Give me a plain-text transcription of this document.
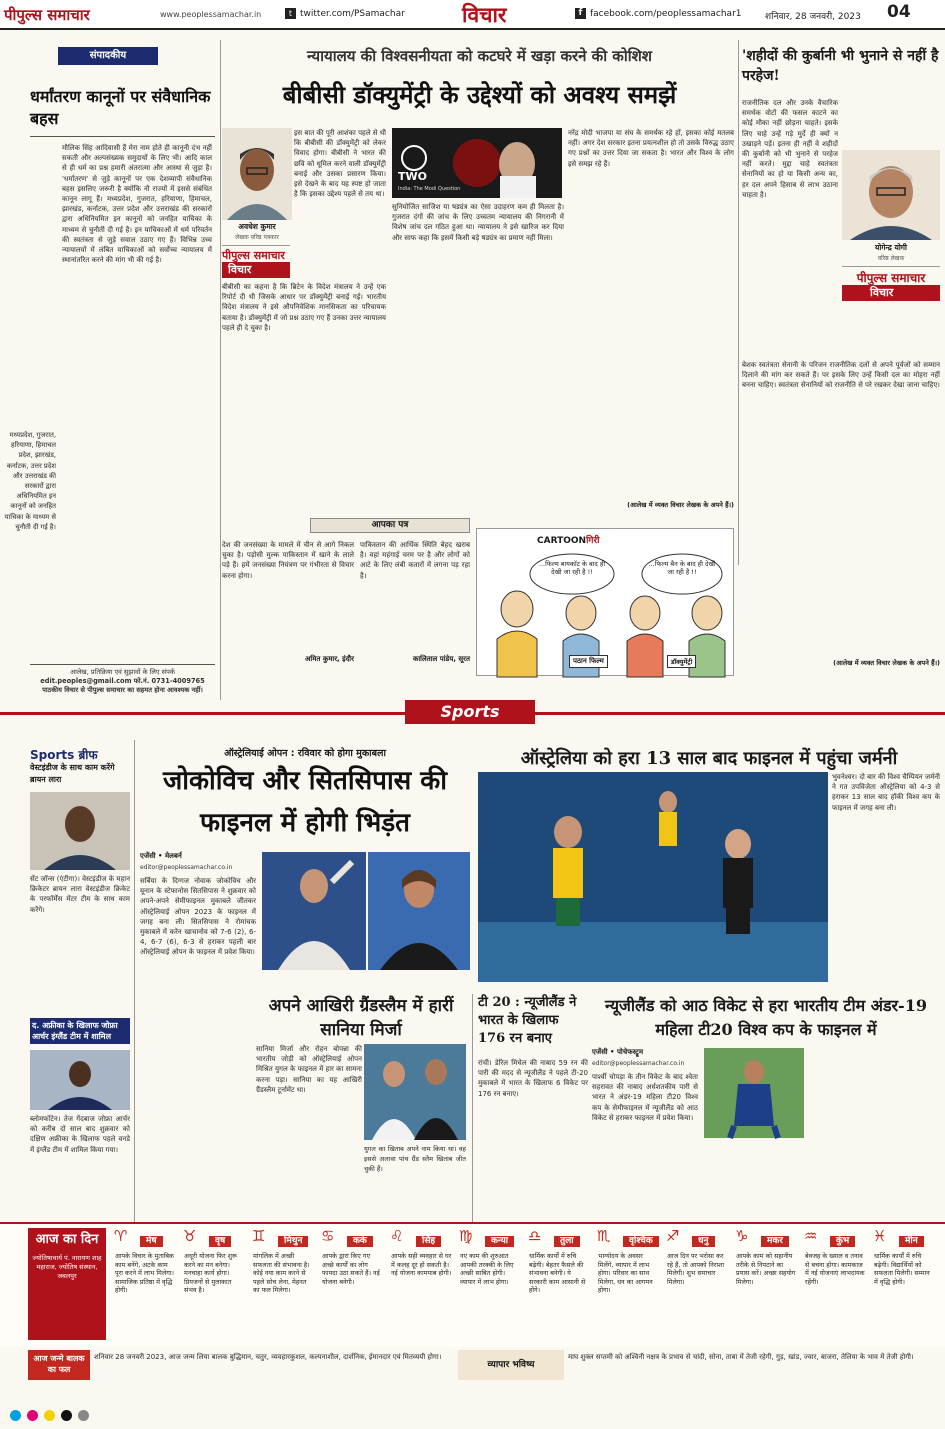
पीपुल्स समाचार	www.peoplessamachar.in	t twitter.com/PSamachar	विचार	f facebook.com/peoplessamachar1	शनिवार, 28 जनवरी, 2023 04
संपादकीय
धर्मांतरण कानूनों पर संवैधानिक बहस
मौलिक सिंह आदिवासी हैं मेरा नाम होते ही कानूनी दंभ नहीं सकती और अल्पसंख्यक समुदायों के लिए भी। आदि काल से ही धर्म का प्रश्न हमारी अंतरात्मा और आस्था से जुड़ा है। 'धर्मांतरण' से जुड़े कानूनों पर एक देशव्यापी संवैधानिक बहस इसलिए जरूरी है क्योंकि नौ राज्यों में इससे संबंधित कानून लागू हैं। मध्यप्रदेश, गुजरात, हरियाणा, हिमाचल, झारखंड, कर्नाटक, उत्तर प्रदेश और उत्तराखंड की सरकारों द्वारा अधिनियमित इन कानूनों को जनहित याचिका के माध्यम से चुनौती दी गई है। इन याचिकाओं में धर्म परिवर्तन की स्वतंत्रता से जुड़े सवाल उठाए गए हैं। विभिन्न उच्च न्यायालयों में लंबित याचिकाओं को सर्वोच्च न्यायालय में स्थानांतरित करने की मांग भी की गई है।
मध्यप्रदेश, गुजरात, हरियाणा, हिमाचल प्रदेश, झारखंड, कर्नाटक, उत्तर प्रदेश और उत्तराखंड की सरकारों द्वारा अधिनियमित इन कानूनों को जनहित याचिका के माध्यम से चुनौती दी गई है।
आलेख, प्रतिक्रिया एवं सुझावों के लिए संपर्क
edit.peoples@gmail.com फो.नं. 0731-4009765
पाठकीय विचार से पीपुल्स समाचार का सहमत होना आवश्यक नहीं।
न्यायालय की विश्वसनीयता को कटघरे में खड़ा करने की कोशिश
बीबीसी डॉक्युमेंट्री के उद्देश्यों को अवश्य समझें
अवधेश कुमार
लेखक वरिष्ठ पत्रकार
पीपुल्स समाचार
विचार
इस बात की पूरी आशंका पहले से थी कि बीबीसी की डॉक्युमेंट्री को लेकर विवाद होगा। बीबीसी ने भारत की छवि को धूमिल करने वाली डॉक्युमेंट्री बनाई और उसका प्रसारण किया। इसे देखने के बाद यह स्पष्ट हो जाता है कि इसका उद्देश्य पहले से तय था।
बीबीसी का कहना है कि ब्रिटेन के विदेश मंत्रालय ने उन्हें एक रिपोर्ट दी थी जिसके आधार पर डॉक्युमेंट्री बनाई गई। भारतीय विदेश मंत्रालय ने इसे औपनिवेशिक मानसिकता का परिचायक बताया है। डॉक्युमेंट्री में जो प्रश्न उठाए गए हैं उनका उत्तर न्यायालय पहले ही दे चुका है।
TWO
India: The Modi Question
सुनियोजित साजिश या षड्यंत्र का ऐसा उदाहरण कम ही मिलता है। गुजरात दंगों की जांच के लिए उच्चतम न्यायालय की निगरानी में विशेष जांच दल गठित हुआ था। न्यायालय ने इसे खारिज कर दिया और साफ कहा कि इसमें किसी बड़े षड्यंत्र का प्रमाण नहीं मिला।
नरेंद्र मोदी भाजपा या संघ के समर्थक रहे हों, इसका कोई मतलब नहीं। अगर देश सरकार इतना प्रयत्नशील हो तो उसके विरुद्ध उठाए गए प्रश्नों का उत्तर दिया जा सकता है। भारत और विश्व के लोग इसे समझ रहे हैं।
(आलेख में व्यक्त विचार लेखक के अपने हैं।)
'शहीदों की कुर्बानी भी भुनाने से नहीं है परहेज!
राजनीतिक दल और उनके वैचारिक समर्थक वोटों की फसल काटने का कोई मौका नहीं छोड़ना चाहते। इसके लिए चाहे उन्हें गड़े मुर्दे ही क्यों न उखाड़ने पड़ें। इतना ही नहीं वे शहीदों की कुर्बानी को भी भुनाने से परहेज नहीं करते। मुद्दा चाहे स्वतंत्रता सेनानियों का हो या किसी अन्य का, हर दल अपने हिसाब से लाभ उठाना चाहता है।
योगेन्द्र योगी
वरिष्ठ लेखक
पीपुल्स समाचार
विचार
बेशक स्वतंत्रता सेनानी के परिजन राजनीतिक दलों से अपने पूर्वजों को सम्मान दिलाने की मांग कर सकते हैं। पर इसके लिए उन्हें किसी दल का मोहरा नहीं बनना चाहिए। स्वतंत्रता सेनानियों को राजनीति से परे रखकर देखा जाना चाहिए।
(आलेख में व्यक्त विचार लेखक के अपने हैं।)
आपका पत्र
देश की जनसंख्या के मामले में चीन से आगे निकल चुका है। पड़ोसी मुल्क पाकिस्तान में खाने के लाले पड़े हैं। हमें जनसंख्या नियंत्रण पर गंभीरता से विचार करना होगा।
अमित कुमार, इंदौर
पाकिस्तान की आर्थिक स्थिति बेहद खराब है। वहां महंगाई चरम पर है और लोगों को आटे के लिए लंबी कतारों में लगना पड़ रहा है।
कालिताल पांडेय, सूरत
CARTOONगिरी
...फिल्म बायकॉट के बाद ही देखी जा रही है !!
...फिल्म बैन के बाद ही देखी जा रही है !!
पठान फिल्म	डॉक्युमेंट्री
Sports
Sports ब्रीफ
वेस्टइंडीज के साथ काम करेंगे ब्रायन लारा
सेंट जॉन्स (एंटीगा)। वेस्टइंडीज के महान क्रिकेटर ब्रायन लारा वेस्टइंडीज क्रिकेट के परफॉर्मेंस मेंटर टीम के साथ काम करेंगे।
द. अफ्रीका के खिलाफ जोफ्रा आर्चर इंग्लैंड टीम में शामिल
ब्लोमफोंटेन। तेज गेंदबाज जोफ्रा आर्चर को करीब दो साल बाद शुक्रवार को दक्षिण अफ्रीका के खिलाफ पहले वनडे में इंग्लैंड टीम में शामिल किया गया।
ऑस्ट्रेलियाई ओपन : रविवार को होगा मुकाबला
जोकोविच और सितसिपास की फाइनल में होगी भिड़ंत
एजेंसी • मेलबर्न
editor@peoplessamachar.co.in
सर्बिया के दिग्गज नोवाक जोकोविच और यूनान के स्टेफानोस सितसिपास ने शुक्रवार को अपने-अपने सेमीफाइनल मुकाबले जीतकर ऑस्ट्रेलियाई ओपन 2023 के फाइनल में जगह बना ली। सितसिपास ने रोमांचक मुकाबले में करेन खाचानोव को 7-6 (2), 6-4, 6-7 (6), 6-3 से हराकर पहली बार ऑस्ट्रेलियाई ओपन के फाइनल में प्रवेश किया।
ऑस्ट्रेलिया को हरा 13 साल बाद फाइनल में पहुंचा जर्मनी
भुवनेश्वर। दो बार की विश्व चैम्पियन जर्मनी ने गत उपविजेता ऑस्ट्रेलिया को 4-3 से हराकर 13 साल बाद हॉकी विश्व कप के फाइनल में जगह बना ली।
अपने आखिरी ग्रैंडस्लैम में हारीं सानिया मिर्जा
सानिया मिर्जा और रोहन बोपन्ना की भारतीय जोड़ी को ऑस्ट्रेलियाई ओपन मिश्रित युगल के फाइनल में हार का सामना करना पड़ा। सानिया का यह आखिरी ग्रैंडस्लैम टूर्नामेंट था।
युगल का खिताब अपने नाम किया था। वह इससे अलावा पांच ग्रैंड स्लैम खिताब जीत चुकी हैं।
टी 20 : न्यूजीलैंड ने भारत के खिलाफ 176 रन बनाए
रांची। डेरिल मिचेल की नाबाद 59 रन की पारी की मदद से न्यूजीलैंड ने पहले टी-20 मुकाबले में भारत के खिलाफ 6 विकेट पर 176 रन बनाए।
न्यूजीलैंड को आठ विकेट से हरा भारतीय टीम अंडर-19 महिला टी20 विश्व कप के फाइनल में
एजेंसी • पोचेफस्ट्रूम
editor@peoplessamachar.co.in
पार्श्वी चोपड़ा के तीन विकेट के बाद श्वेता सहरावत की नाबाद अर्धशतकीय पारी से भारत ने अंडर-19 महिला टी20 विश्व कप के सेमीफाइनल में न्यूजीलैंड को आठ विकेट से हराकर फाइनल में प्रवेश किया।
आज का दिन
ज्योतिषाचार्य पं. नारायण शाह महाराज, ज्योतिष संस्थान, जबलपुर
♈	मेष
आपके विचार के मुताबिक काम बनेंगे, अटके काम पूरा करने में लाभ मिलेगा। सामाजिक प्रतिष्ठा में वृद्धि होगी।
♉	वृष
अधूरी योजना फिर शुरू करने का मन बनेगा। मनचाहा कार्य होगा। प्रियजनों से मुलाकात संभव है।
♊	मिथुन
मांगलिक में अच्छी सफलता की संभावना है। कोई नया काम करने से पहले सोच लेना, मेहनत का फल मिलेगा।
♋	कर्क
आपके द्वारा किए गए अच्छे कार्यों का लोग फायदा उठा सकते हैं। नई योजना बनेगी।
♌	सिंह
आपके सही व्यवहार से घर में कलह दूर हो सकती है। नई योजना कामयाब होगी।
♍	कन्या
नए काम की शुरुआत आपकी तरक्की के लिए अच्छी साबित होगी। व्यापार में लाभ होगा।
♎	तुला
धार्मिक कार्यों में रुचि बढ़ेगी। बेहतर फैसले की संभावना बनेगी। ये सरकारी काम आसानी से होंगे।
♏	वृश्चिक
भाग्योदय के अवसर मिलेंगे, व्यापार में लाभ होगा। परिवार का साथ मिलेगा, धन का आगमन होगा।
♐	धनु
आज दिन पर भरोसा कर रहे हैं, तो आपको निराशा मिलेगी। शुभ समाचार मिलेगा।
♑	मकर
आपके काम को सहानीय तरीके से निपटाने का प्रयास करें। अच्छा सहयोग मिलेगा।
♒	कुंभ
बेवजह के ख्याल व तनाव से बचना होगा। कामकाज में नई योजनाएं लाभदायक रहेंगी।
♓	मीन
धार्मिक कार्यों में रुचि बढ़ेगी। विद्यार्थियों को सफलता मिलेगी। सम्मान में वृद्धि होगी।
आज जन्मे बालक का फल
शनिवार 28 जनवरी 2023, आज जन्म लिया बालक बुद्धिमान, चतुर, व्यवहारकुशल, कल्पनाशील, दार्शनिक, ईमानदार एवं मितव्ययी होगा।
व्यापार भविष्य
माघ शुक्ल सप्तमी को अश्विनी नक्षत्र के प्रभाव से चांदी, सोना, ताबा में तेजी रहेगी, गुड़, खांड, ज्वार, बाजरा, तेलिया के भाव में तेजी होगी।
